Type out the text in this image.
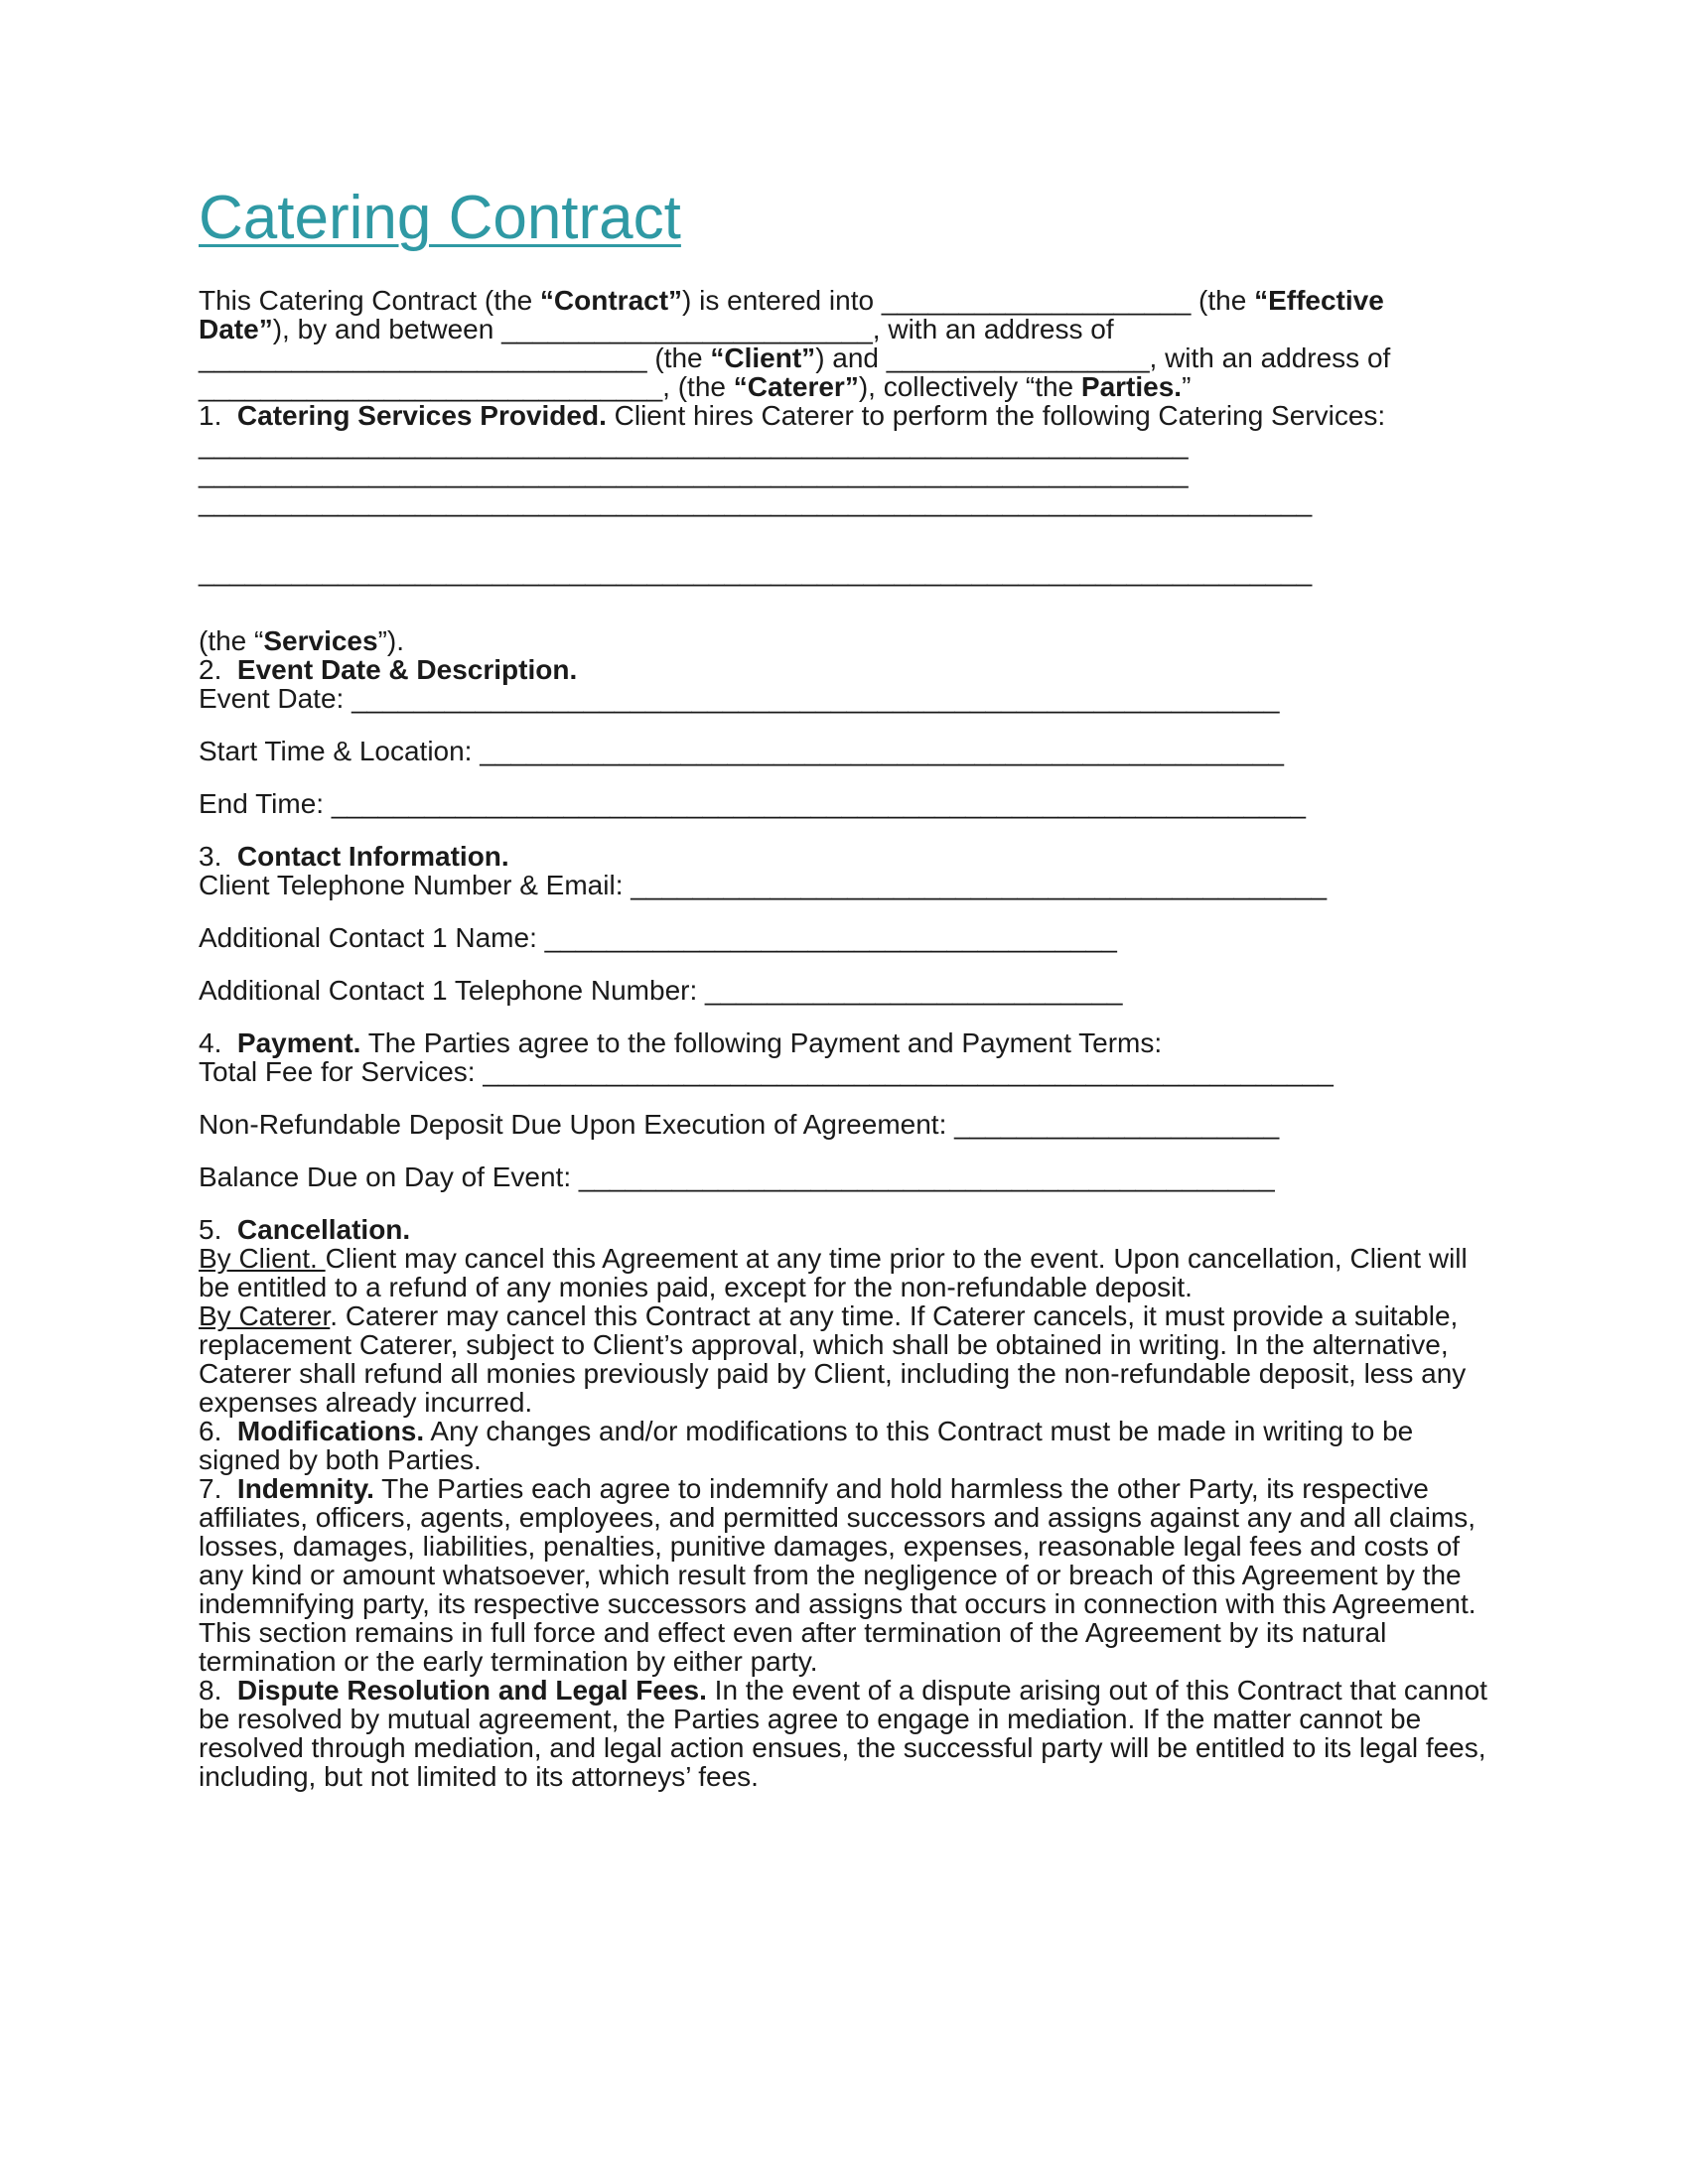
Catering Contract

This Catering Contract (the “Contract”) is entered into ____________________ (the “Effective

Date”), by and between ________________________, with an address of

_____________________________ (the “Client”) and _________________, with an address of

______________________________, (the “Caterer”), collectively “the Parties.”

1.  Catering Services Provided. Client hires Caterer to perform the following Catering Services:

________________________________________________________________

________________________________________________________________

________________________________________________________________________

________________________________________________________________________

(the “Services”).

2.  Event Date & Description.

Event Date: ____________________________________________________________

Start Time & Location: ____________________________________________________

End Time: _______________________________________________________________

3.  Contact Information.

Client Telephone Number & Email: _____________________________________________

Additional Contact 1 Name: _____________________________________

Additional Contact 1 Telephone Number: ___________________________

4.  Payment. The Parties agree to the following Payment and Payment Terms:

Total Fee for Services: _______________________________________________________

Non-Refundable Deposit Due Upon Execution of Agreement: _____________________

Balance Due on Day of Event: _____________________________________________

5.  Cancellation.

By Client. Client may cancel this Agreement at any time prior to the event. Upon cancellation, Client will be entitled to a refund of any monies paid, except for the non-refundable deposit.

By Caterer. Caterer may cancel this Contract at any time. If Caterer cancels, it must provide a suitable, replacement Caterer, subject to Client’s approval, which shall be obtained in writing. In the alternative, Caterer shall refund all monies previously paid by Client, including the non-refundable deposit, less any expenses already incurred.

6.  Modifications. Any changes and/or modifications to this Contract must be made in writing to be signed by both Parties.

7.  Indemnity. The Parties each agree to indemnify and hold harmless the other Party, its respective affiliates, officers, agents, employees, and permitted successors and assigns against any and all claims, losses, damages, liabilities, penalties, punitive damages, expenses, reasonable legal fees and costs of any kind or amount whatsoever, which result from the negligence of or breach of this Agreement by the indemnifying party, its respective successors and assigns that occurs in connection with this Agreement. This section remains in full force and effect even after termination of the Agreement by its natural termination or the early termination by either party.

8.  Dispute Resolution and Legal Fees. In the event of a dispute arising out of this Contract that cannot be resolved by mutual agreement, the Parties agree to engage in mediation. If the matter cannot be resolved through mediation, and legal action ensues, the successful party will be entitled to its legal fees, including, but not limited to its attorneys’ fees.
